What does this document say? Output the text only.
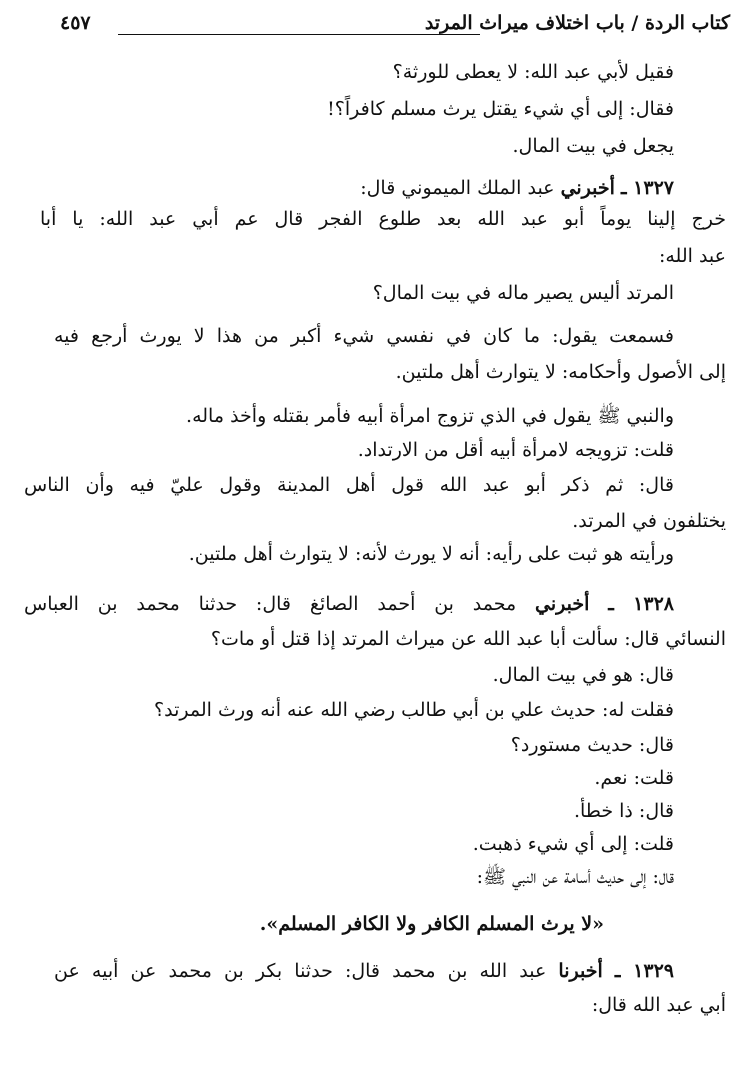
كتاب الردة / باب اختلاف ميراث المرتد
٤٥٧
فقيل لأبي عبد الله: لا يعطى للورثة؟
فقال: إلى أي شيء يقتل يرث مسلم كافراً؟!
يجعل في بيت المال.
١٣٢٧ ـ أخبرني عبد الملك الميموني قال:
خرج إلينا يوماً أبو عبد الله بعد طلوع الفجر قال عم أبي عبد الله: يا أبا
عبد الله:
المرتد أليس يصير ماله في بيت المال؟
فسمعت يقول: ما كان في نفسي شيء أكبر من هذا لا يورث أرجع فيه
إلى الأصول وأحكامه: لا يتوارث أهل ملتين.
والنبي ﷺ يقول في الذي تزوج امرأة أبيه فأمر بقتله وأخذ ماله.
قلت: تزويجه لامرأة أبيه أقل من الارتداد.
قال: ثم ذكر أبو عبد الله قول أهل المدينة وقول عليّ فيه وأن الناس
يختلفون في المرتد.
ورأيته هو ثبت على رأيه: أنه لا يورث لأنه: لا يتوارث أهل ملتين.
١٣٢٨ ـ أخبرني محمد بن أحمد الصائغ قال: حدثنا محمد بن العباس
النسائي قال: سألت أبا عبد الله عن ميراث المرتد إذا قتل أو مات؟
قال: هو في بيت المال.
فقلت له: حديث علي بن أبي طالب رضي الله عنه أنه ورث المرتد؟
قال: حديث مستورد؟
قلت: نعم.
قال: ذا خطأ.
قلت: إلى أي شيء ذهبت.
قال: إلى حديث أسامة عن النبي ﷺ:
«لا يرث المسلم الكافر ولا الكافر المسلم».
١٣٢٩ ـ أخبرنا عبد الله بن محمد قال: حدثنا بكر بن محمد عن أبيه عن
أبي عبد الله قال:
